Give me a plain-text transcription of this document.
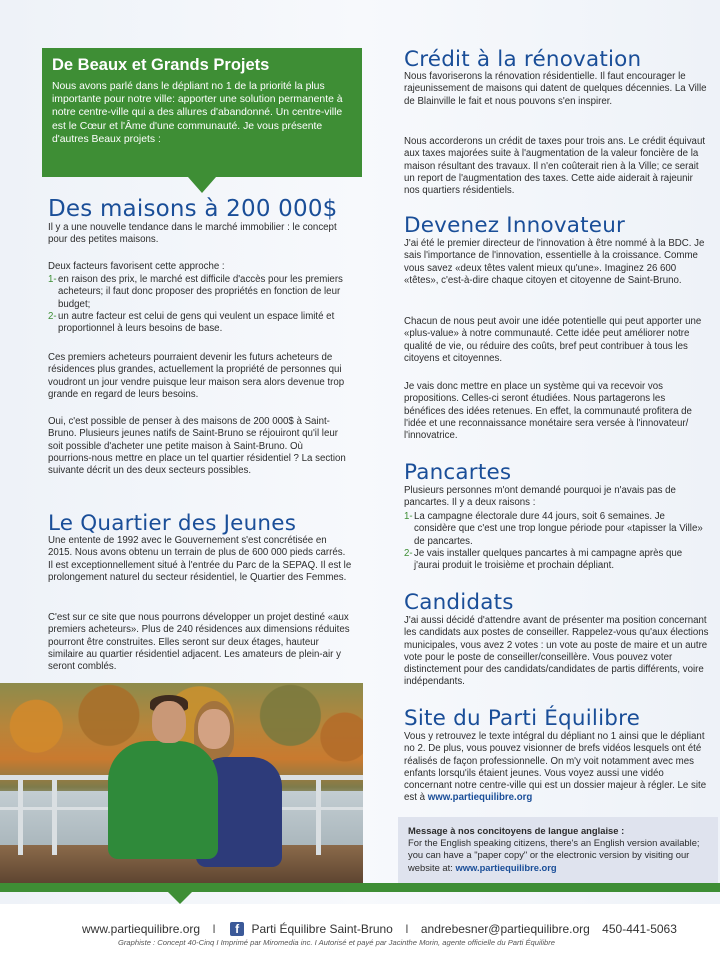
De Beaux et Grands Projets
Nous avons parlé dans le dépliant no 1 de la priorité la plus importante pour notre ville: apporter une solution permanente à notre centre-ville qui a des allures d'abandonné. Un centre-ville est le Cœur et l'Âme d'une communauté. Je vous présente d'autres Beaux projets :
Des maisons à 200 000$
Il y a une nouvelle tendance dans le marché immobilier : le concept pour des petites maisons.
Deux facteurs favorisent cette approche :
1- en raison des prix, le marché est difficile d'accès pour les premiers acheteurs; il faut donc proposer des propriétés en fonction de leur budget;
2- un autre facteur est celui de gens qui veulent un espace limité et proportionnel à leurs besoins de base.
Ces premiers acheteurs pourraient devenir les futurs acheteurs de résidences plus grandes, actuellement la propriété de personnes qui voudront un jour vendre puisque leur maison sera alors devenue trop grande en regard de leurs besoins.
Oui, c'est possible de penser à des maisons de 200 000$ à Saint-Bruno. Plusieurs jeunes natifs de Saint-Bruno se réjouiront qu'il leur soit possible d'acheter une petite maison à Saint-Bruno. Où pourrions-nous mettre en place un tel quartier résidentiel ? La section suivante décrit un des deux secteurs possibles.
Le Quartier des Jeunes
Une entente de 1992 avec le Gouvernement s'est concrétisée en 2015. Nous avons obtenu un terrain de plus de 600 000 pieds carrés. Il est exceptionnellement situé à l'entrée du Parc de la SEPAQ. Il est le prolongement naturel du secteur résidentiel, le Quartier des Femmes.
C'est sur ce site que nous pourrons développer un projet destiné «aux premiers acheteurs». Plus de 240 résidences aux dimensions réduites pourront être construites. Elles seront sur deux étages, hauteur similaire au quartier résidentiel adjacent. Les amateurs de plein-air y seront comblés.
Crédit à la rénovation
Nous favoriserons la rénovation résidentielle. Il faut encourager le rajeunissement de maisons qui datent de quelques décennies. La Ville de Blainville le fait et nous pouvons s'en inspirer.
Nous accorderons un crédit de taxes pour trois ans. Le crédit équivaut aux taxes majorées suite à l'augmentation de la valeur foncière de la maison résultant des travaux. Il n'en coûterait rien à la Ville; ce serait un report de l'augmentation des taxes. Cette aide aiderait à rajeunir nos quartiers résidentiels.
Devenez Innovateur
J'ai été le premier directeur de l'innovation à être nommé à la BDC. Je sais l'importance de l'innovation, essentielle à la croissance. Comme vous savez «deux têtes valent mieux qu'une». Imaginez 26 600 «têtes», c'est-à-dire chaque citoyen et citoyenne de Saint-Bruno.
Chacun de nous peut avoir une idée potentielle qui peut apporter une «plus-value» à notre communauté. Cette idée peut améliorer notre qualité de vie, ou réduire des coûts, bref peut contribuer à tous les citoyens et citoyennes.
Je vais donc mettre en place un système qui va recevoir vos propositions. Celles-ci seront étudiées. Nous partagerons les bénéfices des idées retenues. En effet, la communauté profitera de l'idée et une reconnaissance monétaire sera versée à l'innovateur/ l'innovatrice.
Pancartes
Plusieurs personnes m'ont demandé pourquoi je n'avais pas de pancartes. Il y a deux raisons :
1- La campagne électorale dure 44 jours, soit 6 semaines. Je considère que c'est une trop longue période pour «tapisser la Ville» de pancartes.
2- Je vais installer quelques pancartes à mi campagne après que j'aurai produit le troisième et prochain dépliant.
Candidats
J'ai aussi décidé d'attendre avant de présenter ma position concernant les candidats aux postes de conseiller. Rappelez-vous qu'aux élections municipales, vous avez 2 votes : un vote au poste de maire et un autre vote pour le poste de conseiller/conseillère. Vous pouvez voter distinctement pour des candidats/candidates de partis différents, voire indépendants.
Site du Parti Équilibre
Vous y retrouvez le texte intégral du dépliant no 1 ainsi que le dépliant no 2. De plus, vous pouvez visionner de brefs vidéos lesquels ont été réalisés de façon professionnelle. On m'y voit notamment avec mes enfants lorsqu'ils étaient jeunes. Vous voyez aussi une vidéo concernant notre centre-ville qui est un dossier majeur à régler. Le site est à www.partiequilibre.org
Message à nos concitoyens de langue anglaise :
For the English speaking citizens, there's an English version available; you can have a "paper copy" or the electronic version by visiting our website at: www.partiequilibre.org
www.partiequilibre.org I f Parti Équilibre Saint-Bruno I andrebesner@partiequilibre.org 450-441-5063
Graphiste : Concept 40-Cinq I Imprimé par Miromedia inc. I Autorisé et payé par Jacinthe Morin, agente officielle du Parti Équilibre
